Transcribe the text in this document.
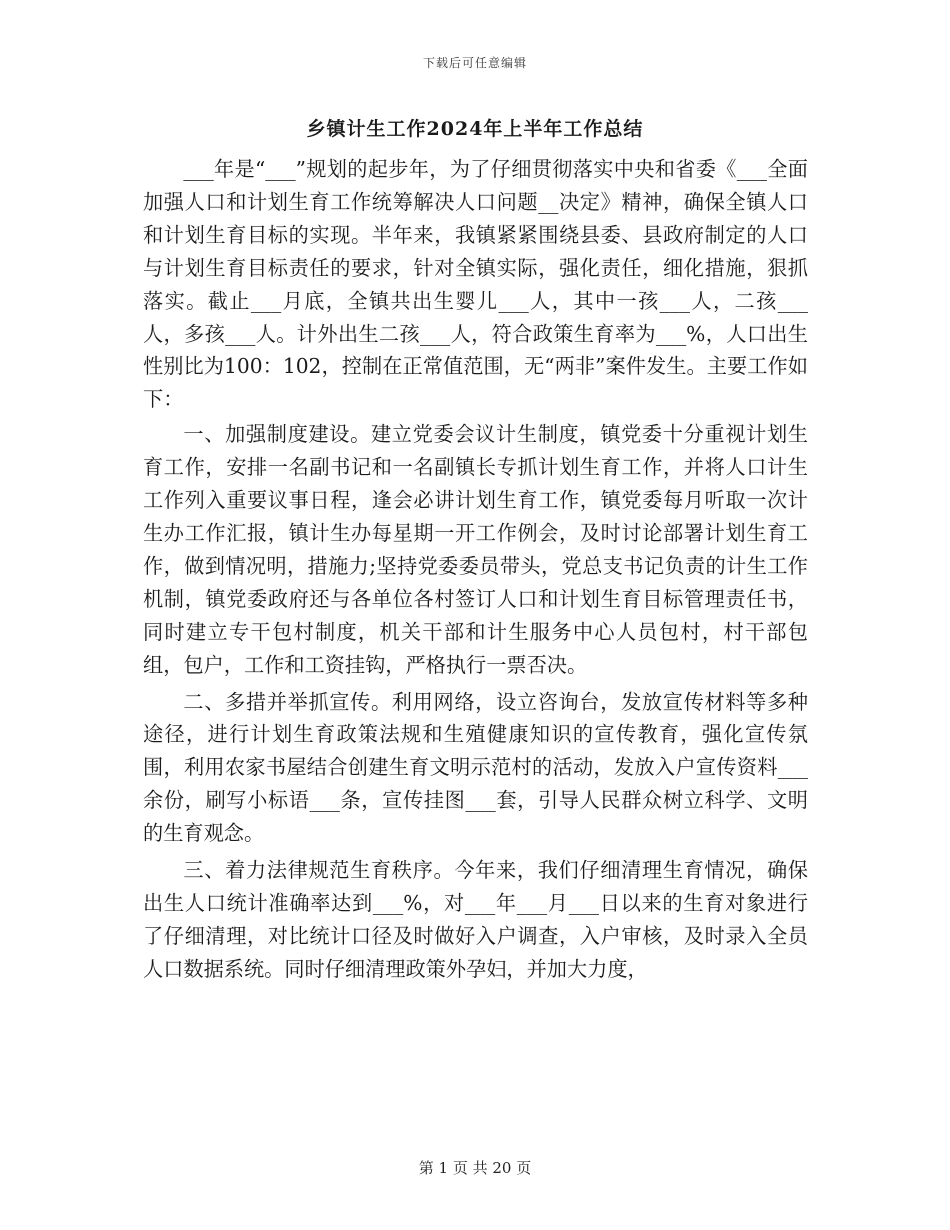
下载后可任意编辑
乡镇计生工作2024年上半年工作总结

___年是“___”规划的起步年，为了仔细贯彻落实中央和省委《___全面加强人口和计划生育工作统筹解决人口问题__决定》精神，确保全镇人口和计划生育目标的实现。半年来，我镇紧紧围绕县委、县政府制定的人口与计划生育目标责任的要求，针对全镇实际，强化责任，细化措施，狠抓落实。截止___月底，全镇共出生婴儿___人，其中一孩___人，二孩___人，多孩___人。计外出生二孩___人，符合政策生育率为___%，人口出生性别比为100：102，控制在正常值范围，无“两非”案件发生。主要工作如下：

一、加强制度建设。建立党委会议计生制度，镇党委十分重视计划生育工作，安排一名副书记和一名副镇长专抓计划生育工作，并将人口计生工作列入重要议事日程，逢会必讲计划生育工作，镇党委每月听取一次计生办工作汇报，镇计生办每星期一开工作例会，及时讨论部署计划生育工作，做到情况明，措施力;坚持党委委员带头，党总支书记负责的计生工作机制，镇党委政府还与各单位各村签订人口和计划生育目标管理责任书，同时建立专干包村制度，机关干部和计生服务中心人员包村，村干部包组，包户，工作和工资挂钩，严格执行一票否决。

二、多措并举抓宣传。利用网络，设立咨询台，发放宣传材料等多种途径，进行计划生育政策法规和生殖健康知识的宣传教育，强化宣传氛围，利用农家书屋结合创建生育文明示范村的活动，发放入户宣传资料___余份，刷写小标语___条，宣传挂图___套，引导人民群众树立科学、文明的生育观念。

三、着力法律规范生育秩序。今年来，我们仔细清理生育情况，确保出生人口统计准确率达到___%，对___年___月___日以来的生育对象进行了仔细清理，对比统计口径及时做好入户调查，入户审核，及时录入全员人口数据系统。同时仔细清理政策外孕妇，并加大力度，

第 1 页 共 20 页
